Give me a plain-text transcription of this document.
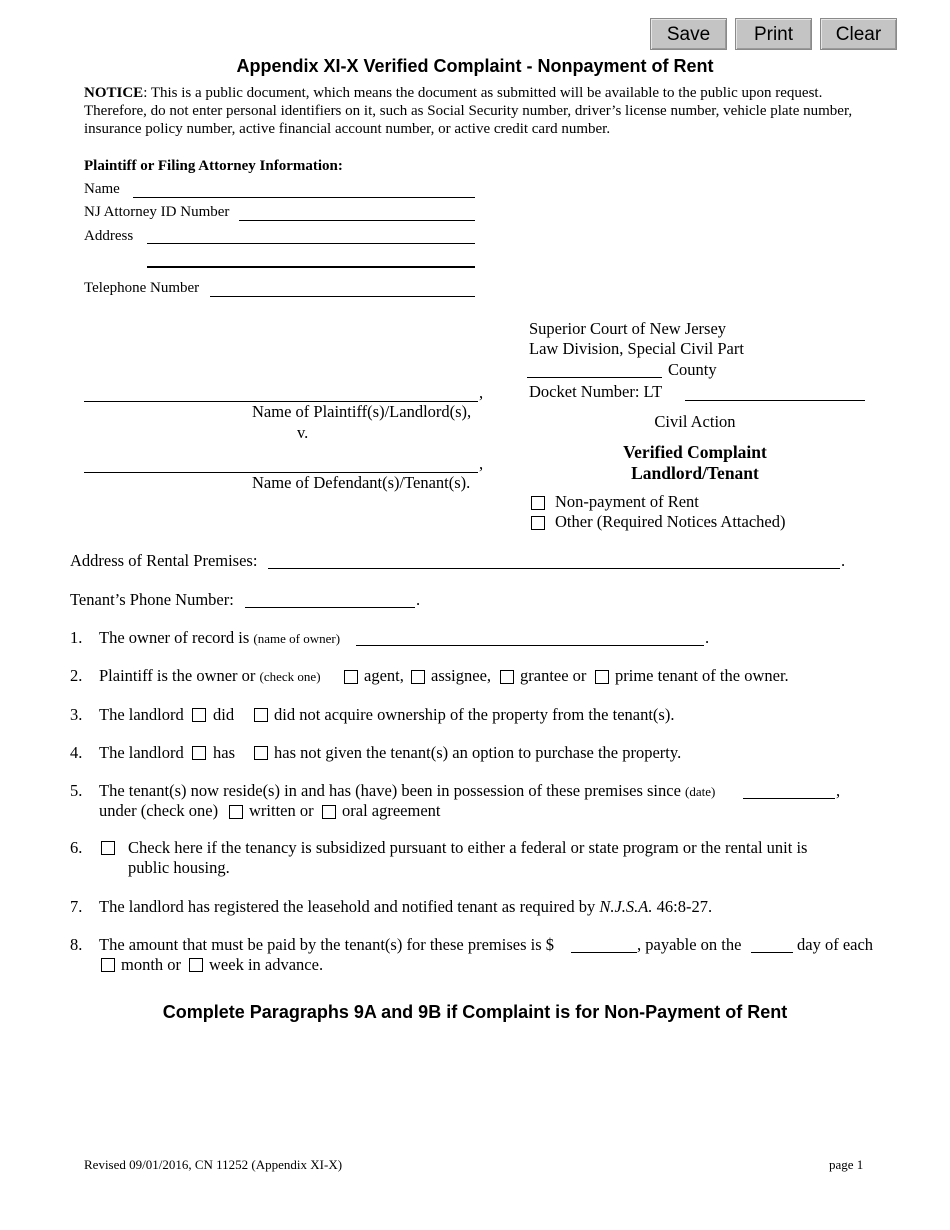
Save	Print	Clear
Appendix XI-X Verified Complaint - Nonpayment of Rent
NOTICE: This is a public document, which means the document as submitted will be available to the public upon request. Therefore, do not enter personal identifiers on it, such as Social Security number, driver’s license number, vehicle plate number, insurance policy number, active financial account number, or active credit card number.
Plaintiff or Filing Attorney Information:
Name
NJ Attorney ID Number
Address
Telephone Number
Superior Court of New Jersey
Law Division, Special Civil Part
County
Docket Number: LT
Civil Action
Verified Complaint
Landlord/Tenant
Non-payment of Rent
Other (Required Notices Attached)
,
Name of Plaintiff(s)/Landlord(s),
v.
,
Name of Defendant(s)/Tenant(s).
Address of Rental Premises:	.
Tenant’s Phone Number:	.
1. The owner of record is (name of owner)	.
2. Plaintiff is the owner or (check one)	agent, assignee, grantee or prime tenant of the owner.
3. The landlord did did not acquire ownership of the property from the tenant(s).
4. The landlord has has not given the tenant(s) an option to purchase the property.
5. The tenant(s) now reside(s) in and has (have) been in possession of these premises since (date)	,
under (check one) written or oral agreement
6.	Check here if the tenancy is subsidized pursuant to either a federal or state program or the rental unit is
public housing.
7. The landlord has registered the leasehold and notified tenant as required by N.J.S.A. 46:8-27.
8. The amount that must be paid by the tenant(s) for these premises is $	, payable on the	day of each
month or week in advance.
Complete Paragraphs 9A and 9B if Complaint is for Non-Payment of Rent
Revised 09/01/2016, CN 11252 (Appendix XI-X)	page 1
